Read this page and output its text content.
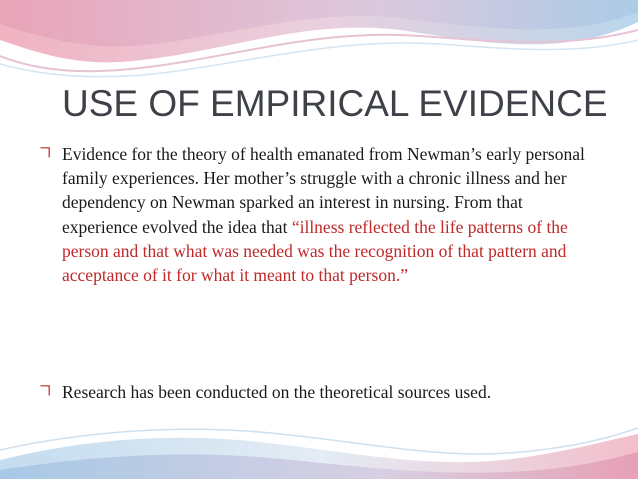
USE OF EMPIRICAL EVIDENCE

Evidence for the theory of health emanated from Newman’s early personal family experiences. Her mother’s struggle with a chronic illness and her dependency on Newman sparked an interest in nursing. From that experience evolved the idea that “illness reflected the life patterns of the person and that what was needed was the recognition of that pattern and acceptance of it for what it meant to that person.”

Research has been conducted on the theoretical sources used.
